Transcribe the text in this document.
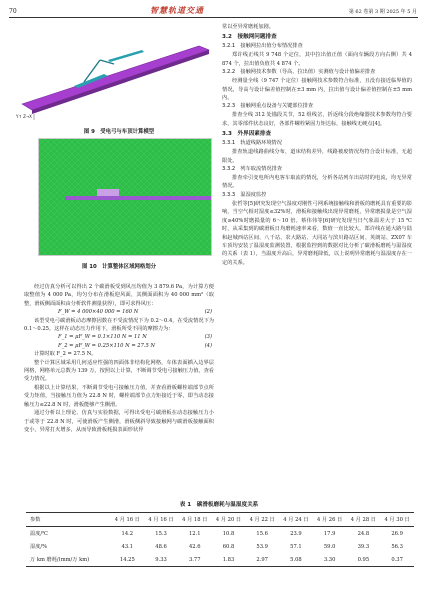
70	智慧轨道交通	第 62 卷第 3 期 2025 年 5 月
Y↑ Z→X
图 9　受电弓与车顶计算模型
图 10　计算整体区域网格划分

经过仿真分析可以得出 2 个碳滑板受到风压均值为 3 879.6 Pa，为计算方便取整值为 4 000 Pa，均匀分布在滑板迎风面，其侧面面积为 40 000 mm²（取整，滑板侧面面积由分析软件测量获得），即可求得风压：

F_W = 4 000×40 000 = 160 N	(2)

该型受电弓碳滑板动态摩擦因数在不受流情况下为 0.2～0.4，在受流情况下为 0.1～0.25。这样在动态压力作用下，滑板所受不同的摩擦力为：

F_1 = μF_W = 0.1×110 N = 11 N	(3)
F_2 = μF_W = 0.25×110 N = 27.5 N	(4)

计算时取 F_2 = 27.5 N。

整个计算区域采用几何适应性强的四面体非结构化网格，车体表面插入边界层网格，网格单元总数为 139 万。按照以上计算，不断调节受电弓接触压力值，查看受力情况。

根据以上计算结果，不断调节受电弓接触压力值，并查看滑板螺栓端部节点所受力矩值，当接触压力值为 22.8 N 时，螺栓端部节点力矩接近于零，即当动态接触压力≤22.8 N 时，滑板能够产生侧滑。

通过分析以上理论、仿真与实验数据，可得出受电弓碳滑板在动态接触压力小于或等于 22.8 N 时，可使滑板产生侧滑，滑板侧斜导致接触网与碳滑板接触面积变小，异常打火增多，从而导致滑板耗损表面形状异

常以至异常磨耗加剧。

3.2　接触网问题排查
3.2.1　接触网拉出值分布情况排查

郑许线正线共 9 748 个定位，其中拉出值正值（面向车辆段方向右侧）共 4 874 个，拉出值负值共 4 874 个。

3.2.2　接触网技术参数（导高、拉出值）实测值与设计值偏差排查

经测量全线（9 747 个定位）接触网技术参数符合标准，且没有接近临界值的情况，导高与设计偏差值控制在±3 mm 内，拉出值与设计偏差值控制在±5 mm 内。

3.2.3　接触网重点设备与关键部位排查

排查全线 312 处锚段关节，52 组线岔，折返线分段绝缘器技术参数均符合要求，其零部件状态良好，各部件螺栓紧固力矩达标，接触线无硬点[4]。

3.3　外界因素排查
3.3.1　轨道线路环境情况

排查轨道线路曲线分布，道床结构差异，线路被废情况均符合设计标准，无超限处。

3.3.2　列车取流情况排查

排查牵引变电所内电客车取流的情况，分析各站列车出站时的电流，均无异常情况。

3.3.3　温湿度监控

张哲等[5]研究发现空气湿度对刚性弓网系统接触线和滑板的磨耗具有重要的影响，当空气相对湿度≤32%时，滑板和接触线出现异常磨耗，异常磨损量是空气湿度≥40%时磨损量的 6～10 倍。蔡伟伟等[6]研究发现当日气象温差大于 15 ℃时，从采集到的碳滑板日均磨耗速率来看，数值一直比较大。郑许线在通大路与陆和赵城西站区间、八千站、农大路站、大同站与滨川路站区间、英朗站、ZX07 车车顶均安装了温湿度监测装置，根据监控到的数据对比分析了碳滑板磨耗与温湿度的关系（表 1），当温度升高后，异常磨耗降低，以上说明异常磨耗与温湿度存在一定的关系。

表 1　碳滑板磨耗与温湿度关系
参数	4 月 16 日	4 月 16 日	4 月 18 日	4 月 20 日	4 月 22 日	4 月 24 日	4 月 26 日	4 月 28 日	4 月 30 日
温度/℃	14.2	15.3	12.1	10.8	15.6	23.9	17.9	24.8	26.9
湿度/%	43.1	48.6	42.6	60.8	53.9	57.1	59.0	39.3	56.3
万 km 磨耗/(mm/万 km)	14.25	9.33	3.77	1.83	2.97	5.08	3.30	0.95	0.37
